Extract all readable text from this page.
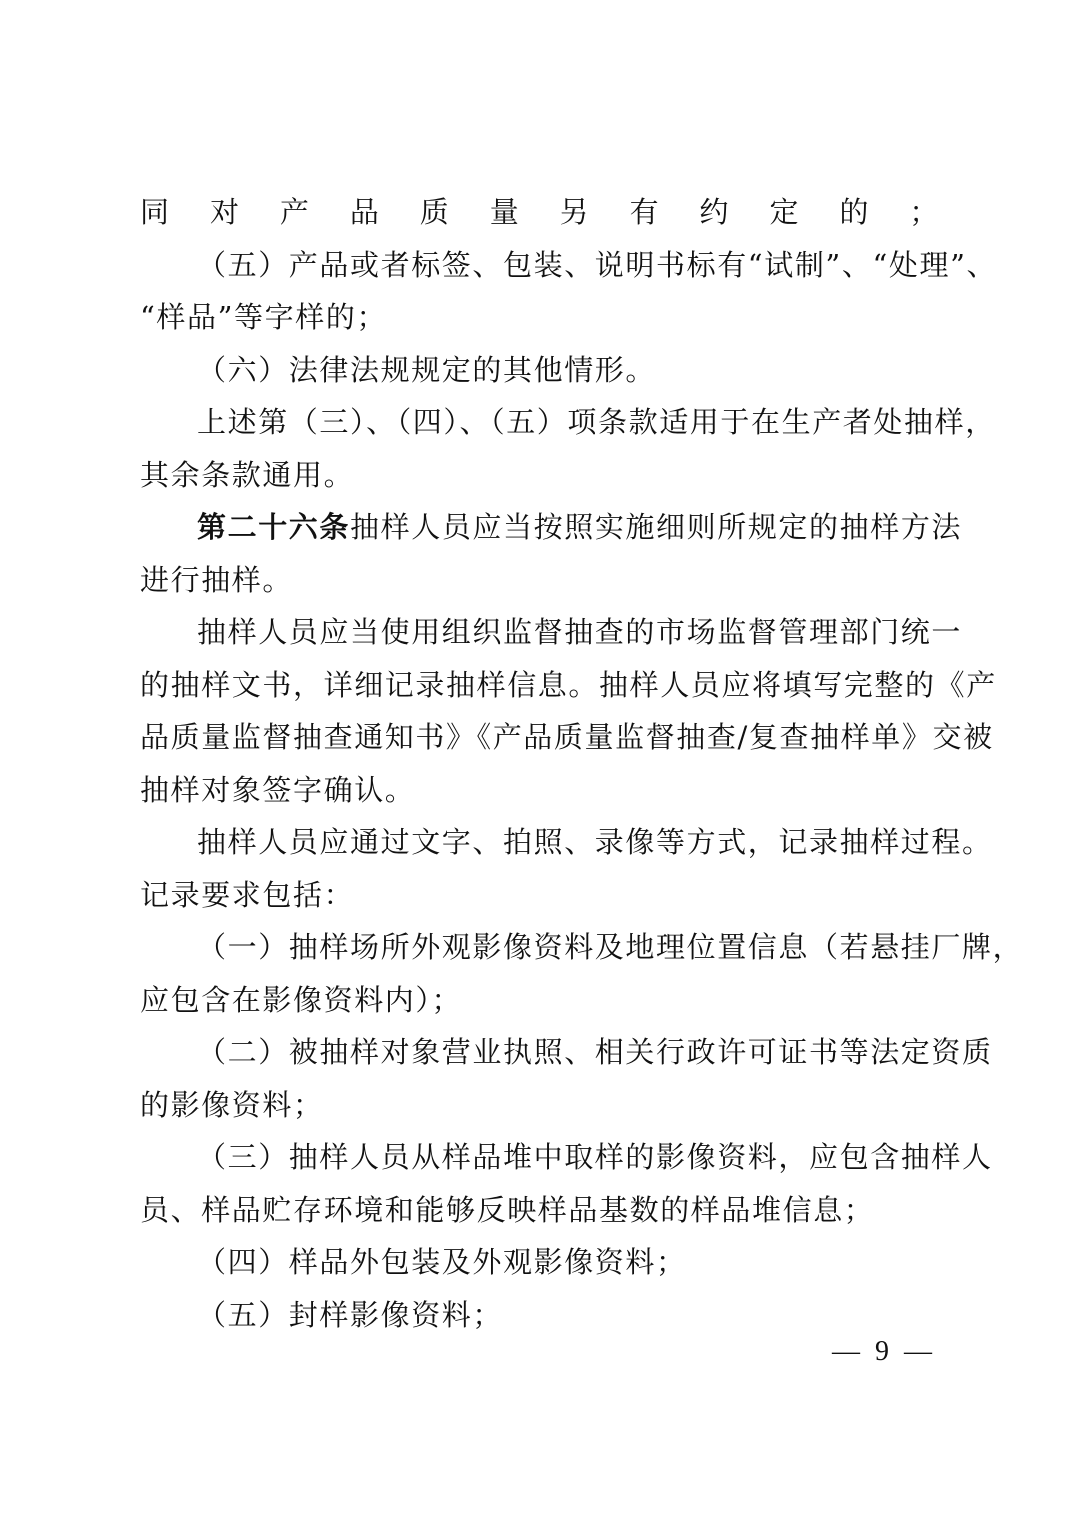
同对产品质量另有约定的；
（五）产品或者标签、包装、说明书标有“试制”、“处理”、
“样品”等字样的；
（六）法律法规规定的其他情形。
上述第（三）、（四）、（五）项条款适用于在生产者处抽样，
其余条款通用。
第二十六条抽样人员应当按照实施细则所规定的抽样方法
进行抽样。
抽样人员应当使用组织监督抽查的市场监督管理部门统一
的抽样文书，详细记录抽样信息。抽样人员应将填写完整的《产
品质量监督抽查通知书》《产品质量监督抽查/复查抽样单》交被
抽样对象签字确认。
抽样人员应通过文字、拍照、录像等方式，记录抽样过程。
记录要求包括：
（一）抽样场所外观影像资料及地理位置信息（若悬挂厂牌，
应包含在影像资料内）；
（二）被抽样对象营业执照、相关行政许可证书等法定资质
的影像资料；
（三）抽样人员从样品堆中取样的影像资料，应包含抽样人
员、样品贮存环境和能够反映样品基数的样品堆信息；
（四）样品外包装及外观影像资料；
（五）封样影像资料；
— 9 —
